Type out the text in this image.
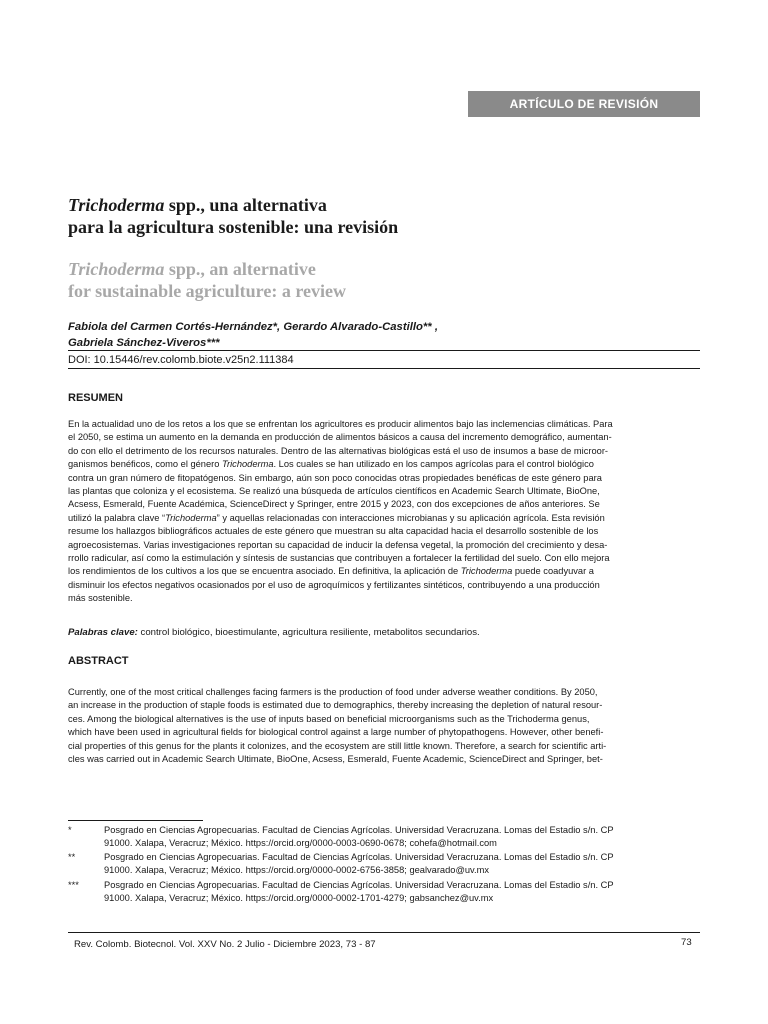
ARTÍCULO DE REVISIÓN
Trichoderma spp., una alternativa
para la agricultura sostenible: una revisión
Trichoderma spp., an alternative
for sustainable agriculture: a review
Fabiola del Carmen Cortés-Hernández*, Gerardo Alvarado-Castillo** ,
Gabriela Sánchez-Viveros***
DOI: 10.15446/rev.colomb.biote.v25n2.111384
RESUMEN
En la actualidad uno de los retos a los que se enfrentan los agricultores es producir alimentos bajo las inclemencias climáticas. Para
el 2050, se estima un aumento en la demanda en producción de alimentos básicos a causa del incremento demográfico, aumentan-
do con ello el detrimento de los recursos naturales. Dentro de las alternativas biológicas está el uso de insumos a base de microor-
ganismos benéficos, como el género Trichoderma. Los cuales se han utilizado en los campos agrícolas para el control biológico
contra un gran número de fitopatógenos. Sin embargo, aún son poco conocidas otras propiedades benéficas de este género para
las plantas que coloniza y el ecosistema. Se realizó una búsqueda de artículos científicos en Academic Search Ultimate, BioOne,
Acsess, Esmerald, Fuente Académica, ScienceDirect y Springer, entre 2015 y 2023, con dos excepciones de años anteriores. Se
utilizó la palabra clave “Trichoderma” y aquellas relacionadas con interacciones microbianas y su aplicación agrícola. Esta revisión
resume los hallazgos bibliográficos actuales de este género que muestran su alta capacidad hacia el desarrollo sostenible de los
agroecosistemas. Varias investigaciones reportan su capacidad de inducir la defensa vegetal, la promoción del crecimiento y desa-
rrollo radicular, así como la estimulación y síntesis de sustancias que contribuyen a fortalecer la fertilidad del suelo. Con ello mejora
los rendimientos de los cultivos a los que se encuentra asociado. En definitiva, la aplicación de Trichoderma puede coadyuvar a
disminuir los efectos negativos ocasionados por el uso de agroquímicos y fertilizantes sintéticos, contribuyendo a una producción
más sostenible.
Palabras clave: control biológico, bioestimulante, agricultura resiliente, metabolitos secundarios.
ABSTRACT
Currently, one of the most critical challenges facing farmers is the production of food under adverse weather conditions. By 2050,
an increase in the production of staple foods is estimated due to demographics, thereby increasing the depletion of natural resour-
ces. Among the biological alternatives is the use of inputs based on beneficial microorganisms such as the Trichoderma genus,
which have been used in agricultural fields for biological control against a large number of phytopathogens. However, other benefi-
cial properties of this genus for the plants it colonizes, and the ecosystem are still little known. Therefore, a search for scientific arti-
cles was carried out in Academic Search Ultimate, BioOne, Acsess, Esmerald, Fuente Academic, ScienceDirect and Springer, bet-
*	Posgrado en Ciencias Agropecuarias. Facultad de Ciencias Agrícolas. Universidad Veracruzana. Lomas del Estadio s/n. CP
91000. Xalapa, Veracruz; México. https://orcid.org/0000-0003-0690-0678; cohefa@hotmail.com
**	Posgrado en Ciencias Agropecuarias. Facultad de Ciencias Agrícolas. Universidad Veracruzana. Lomas del Estadio s/n. CP
91000. Xalapa, Veracruz; México. https://orcid.org/0000-0002-6756-3858; gealvarado@uv.mx
***	Posgrado en Ciencias Agropecuarias. Facultad de Ciencias Agrícolas. Universidad Veracruzana. Lomas del Estadio s/n. CP
91000. Xalapa, Veracruz; México. https://orcid.org/0000-0002-1701-4279; gabsanchez@uv.mx
Rev. Colomb. Biotecnol. Vol. XXV No. 2 Julio - Diciembre 2023, 73 - 87	73
